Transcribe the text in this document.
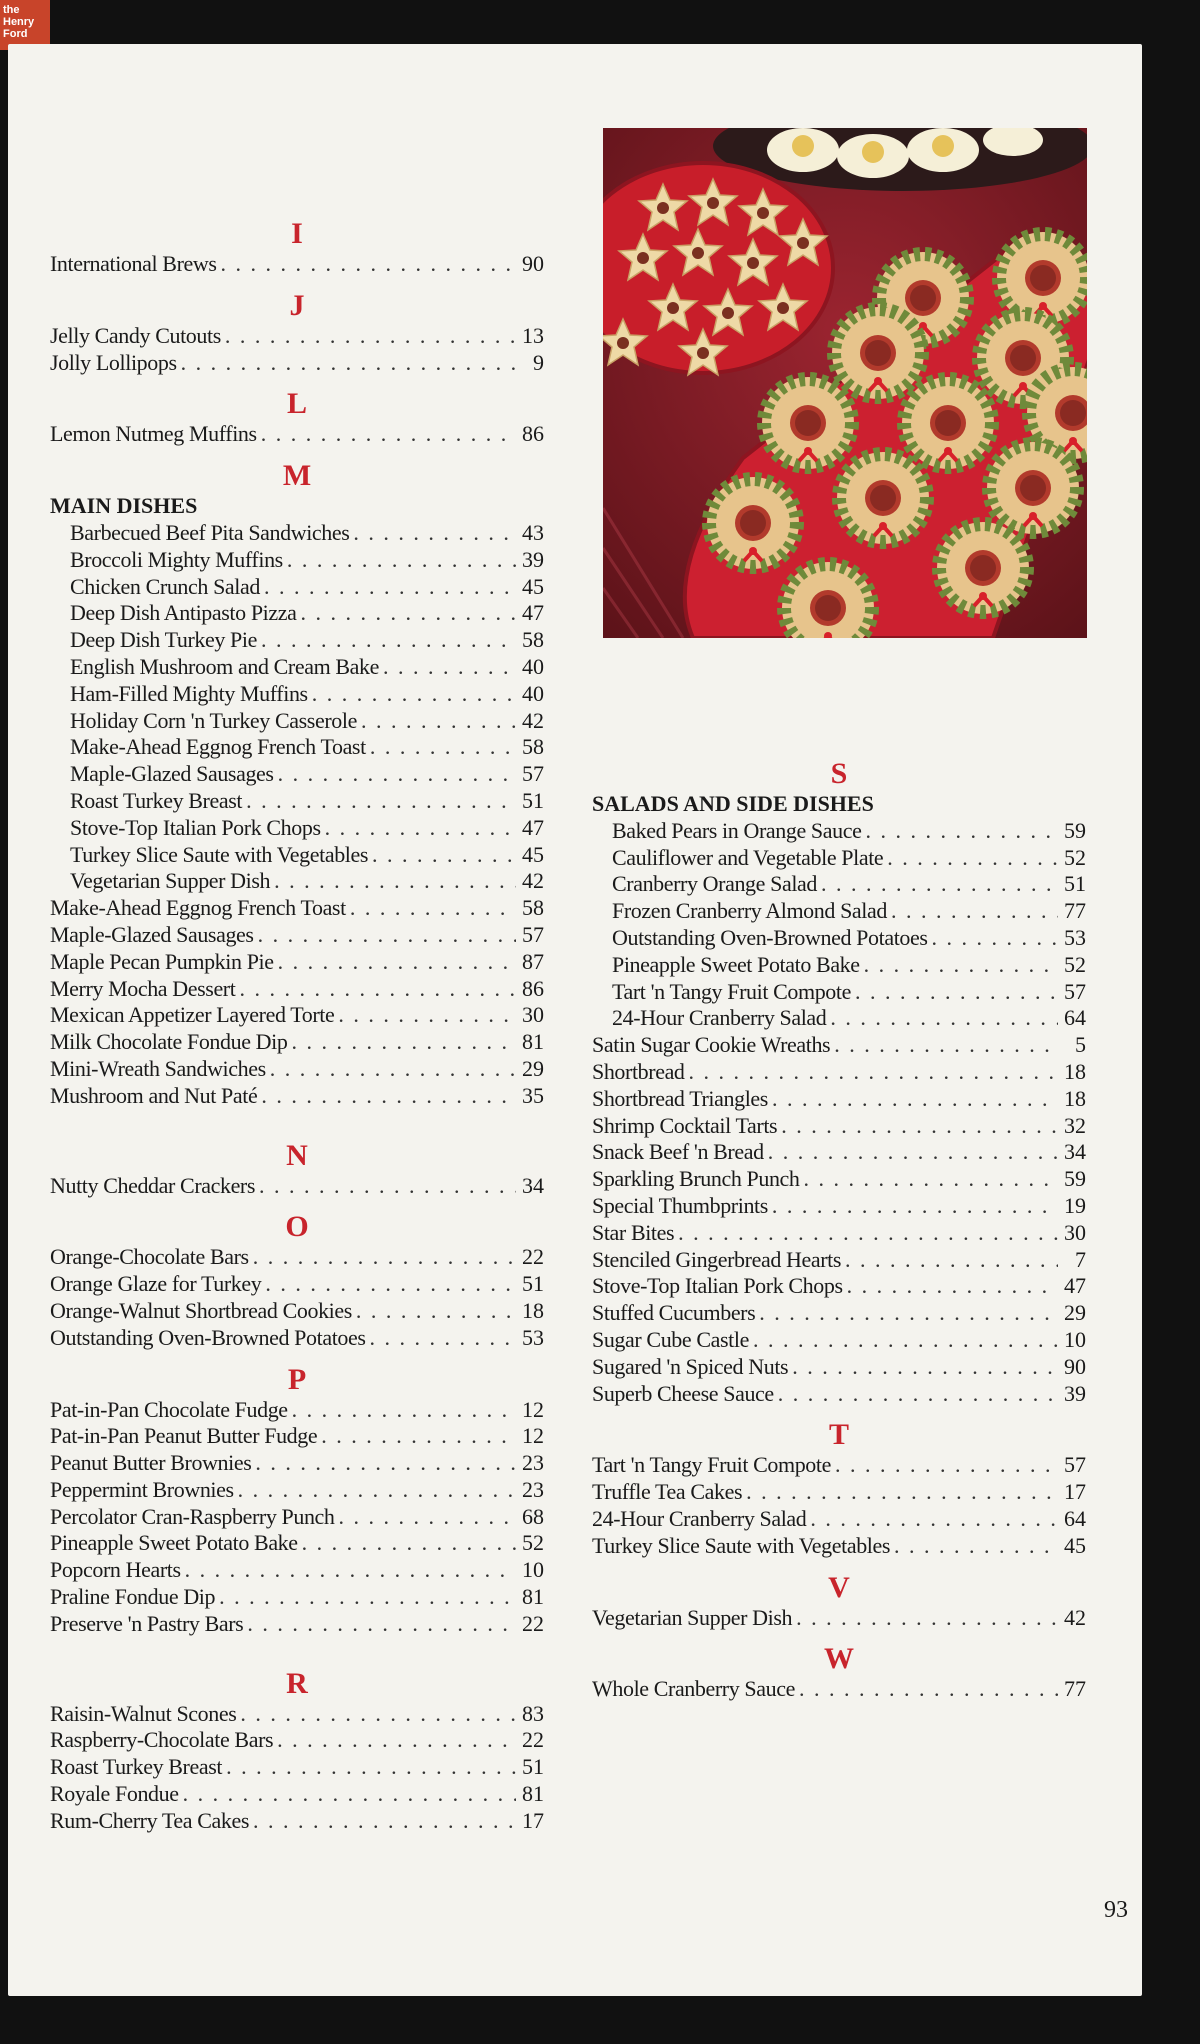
the
Henry
Ford
I
International Brews . . .	90
J
Jelly Candy Cutouts . . .	13
Jolly Lollipops . . .	9
L
Lemon Nutmeg Muffins . . .	86
M
MAIN DISHES
Barbecued Beef Pita Sandwiches . . .	43
Broccoli Mighty Muffins . . .	39
Chicken Crunch Salad . . .	45
Deep Dish Antipasto Pizza . . .	47
Deep Dish Turkey Pie . . .	58
English Mushroom and Cream Bake . . .	40
Ham-Filled Mighty Muffins . . .	40
Holiday Corn 'n Turkey Casserole . . .	42
Make-Ahead Eggnog French Toast . . .	58
Maple-Glazed Sausages . . .	57
Roast Turkey Breast . . .	51
Stove-Top Italian Pork Chops . . .	47
Turkey Slice Saute with Vegetables . . .	45
Vegetarian Supper Dish . . .	42
Make-Ahead Eggnog French Toast . . .	58
Maple-Glazed Sausages . . .	57
Maple Pecan Pumpkin Pie . . .	87
Merry Mocha Dessert . . .	86
Mexican Appetizer Layered Torte . . .	30
Milk Chocolate Fondue Dip . . .	81
Mini-Wreath Sandwiches . . .	29
Mushroom and Nut Paté . . .	35
N
Nutty Cheddar Crackers . . .	34
O
Orange-Chocolate Bars . . .	22
Orange Glaze for Turkey . . .	51
Orange-Walnut Shortbread Cookies . . .	18
Outstanding Oven-Browned Potatoes . . .	53
P
Pat-in-Pan Chocolate Fudge . . .	12
Pat-in-Pan Peanut Butter Fudge . . .	12
Peanut Butter Brownies . . .	23
Peppermint Brownies . . .	23
Percolator Cran-Raspberry Punch . . .	68
Pineapple Sweet Potato Bake . . .	52
Popcorn Hearts . . .	10
Praline Fondue Dip . . .	81
Preserve 'n Pastry Bars . . .	22
R
Raisin-Walnut Scones . . .	83
Raspberry-Chocolate Bars . . .	22
Roast Turkey Breast . . .	51
Royale Fondue . . .	81
Rum-Cherry Tea Cakes . . .	17
S
SALADS AND SIDE DISHES
Baked Pears in Orange Sauce . . .	59
Cauliflower and Vegetable Plate . . .	52
Cranberry Orange Salad . . .	51
Frozen Cranberry Almond Salad . . .	77
Outstanding Oven-Browned Potatoes . . .	53
Pineapple Sweet Potato Bake . . .	52
Tart 'n Tangy Fruit Compote . . .	57
24-Hour Cranberry Salad . . .	64
Satin Sugar Cookie Wreaths . . .	5
Shortbread . . .	18
Shortbread Triangles . . .	18
Shrimp Cocktail Tarts . . .	32
Snack Beef 'n Bread . . .	34
Sparkling Brunch Punch . . .	59
Special Thumbprints . . .	19
Star Bites . . .	30
Stenciled Gingerbread Hearts . . .	7
Stove-Top Italian Pork Chops . . .	47
Stuffed Cucumbers . . .	29
Sugar Cube Castle . . .	10
Sugared 'n Spiced Nuts . . .	90
Superb Cheese Sauce . . .	39
T
Tart 'n Tangy Fruit Compote . . .	57
Truffle Tea Cakes . . .	17
24-Hour Cranberry Salad . . .	64
Turkey Slice Saute with Vegetables . . .	45
V
Vegetarian Supper Dish . . .	42
W
Whole Cranberry Sauce . . .	77
93
